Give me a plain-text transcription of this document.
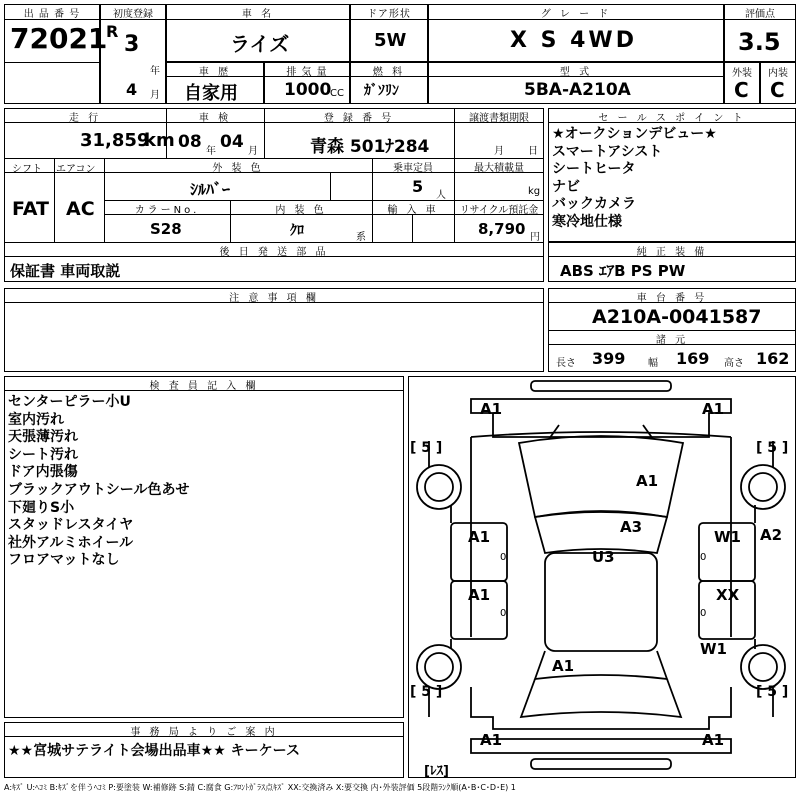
出 品 番 号
72021
初度登録
R
3
年
4 月
車 名
ライズ
ドア形状
5W
グ レ ー ド
X S 4WD
評価点
3.5
車 歴
自家用
排 気 量
1000
CC
燃 料
ｶﾞｿﾘﾝ
型 式
5BA-A210A
外装 内装
C C
走 行
31,859
km
車 検
08 年 04 月
登 録 番 号
青森 501ﾅ284
譲渡書類期限
月 日
シフト エアコン
FAT AC
外 装 色
ｼﾙﾊﾞｰ
乗車定員
5 人
最大積載量
kg
カラーNo.
S28
内 装 色
ｸﾛ	系
輸 入 車	リサイクル預託金
8,790 円
後 日 発 送 部 品
保証書 車両取説
セ ー ル ス ポ イ ン ト
★オークションデビュー★
スマートアシスト
シートヒータ
ナビ
バックカメラ
寒冷地仕様
純 正 装 備
ABS ｴｱB PS PW
注 意 事 項 欄	車 台 番 号
A210A-0041587
諸 元
長さ 399 幅 169 高さ 162
検 査 員 記 入 欄
センターピラー小U
室内汚れ
天張薄汚れ
シート汚れ
ドア内張傷
ブラックアウトシール色あせ
下廻りS小
スタッドレスタイヤ
社外アルミホイール
フロアマットなし
事 務 局 よ り ご 案 内
★★宮城サテライト会場出品車★★ キーケース
A1	A1
A1
A3
U3
A1	W1 A2
A1	XX
W1
A1
A1	A1
[ 5 ]	[ 5 ]
[ 5 ]	[ 5 ]
0	0
0	0
[ﾚｽ]
A:ｷｽﾞ U:ﾍｺﾐ B:ｷｽﾞを伴うﾍｺﾐ P:要塗装 W:補修跡 S:錆 C:腐食 G:ﾌﾛﾝﾄｶﾞﾗｽ点ｷｽﾞ XX:交換済み X:要交換 内･外装評価 5段階ﾗﾝｸ順(A･B･C･D･E) 1
